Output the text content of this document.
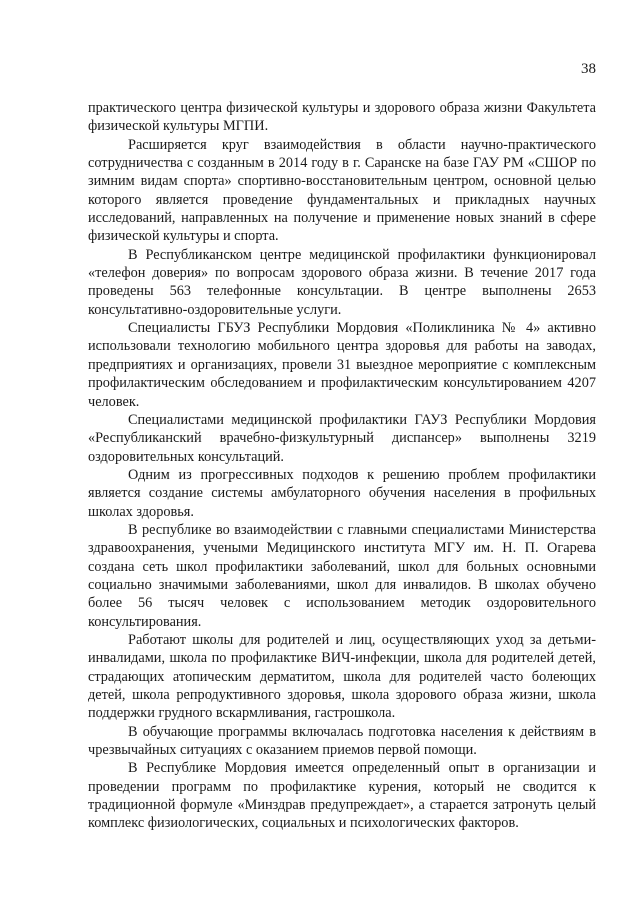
38

практического центра физической культуры и здорового образа жизни Факультета физической культуры МГПИ.

Расширяется круг взаимодействия в области научно-практического сотрудничества с созданным в 2014 году в г. Саранске на базе ГАУ РМ «СШОР по зимним видам спорта» спортивно-восстановительным центром, основной целью которого является проведение фундаментальных и прикладных научных исследований, направленных на получение и применение новых знаний в сфере физической культуры и спорта.

В Республиканском центре медицинской профилактики функционировал «телефон доверия» по вопросам здорового образа жизни. В течение 2017 года проведены 563 телефонные консультации. В центре выполнены 2653 консультативно-оздоровительные услуги.

Специалисты ГБУЗ Республики Мордовия «Поликлиника № 4» активно использовали технологию мобильного центра здоровья для работы на заводах, предприятиях и организациях, провели 31 выездное мероприятие с комплексным профилактическим обследованием и профилактическим консультированием 4207 человек.

Специалистами медицинской профилактики ГАУЗ Республики Мордовия «Республиканский врачебно-физкультурный диспансер» выполнены 3219 оздоровительных консультаций.

Одним из прогрессивных подходов к решению проблем профилактики является создание системы амбулаторного обучения населения в профильных школах здоровья.

В республике во взаимодействии с главными специалистами Министерства здравоохранения, учеными Медицинского института МГУ им. Н. П. Огарева создана сеть школ профилактики заболеваний, школ для больных основными социально значимыми заболеваниями, школ для инвалидов. В школах обучено более 56 тысяч человек с использованием методик оздоровительного консультирования.

Работают школы для родителей и лиц, осуществляющих уход за детьми- инвалидами, школа по профилактике ВИЧ-инфекции, школа для родителей детей, страдающих атопическим дерматитом, школа для родителей часто болеющих детей, школа репродуктивного здоровья, школа здорового образа жизни, школа поддержки грудного вскармливания, гастрошкола.

В обучающие программы включалась подготовка населения к действиям в чрезвычайных ситуациях с оказанием приемов первой помощи.

В Республике Мордовия имеется определенный опыт в организации и проведении программ по профилактике курения, который не сводится к традиционной формуле «Минздрав предупреждает», а старается затронуть целый комплекс физиологических, социальных и психологических факторов.
